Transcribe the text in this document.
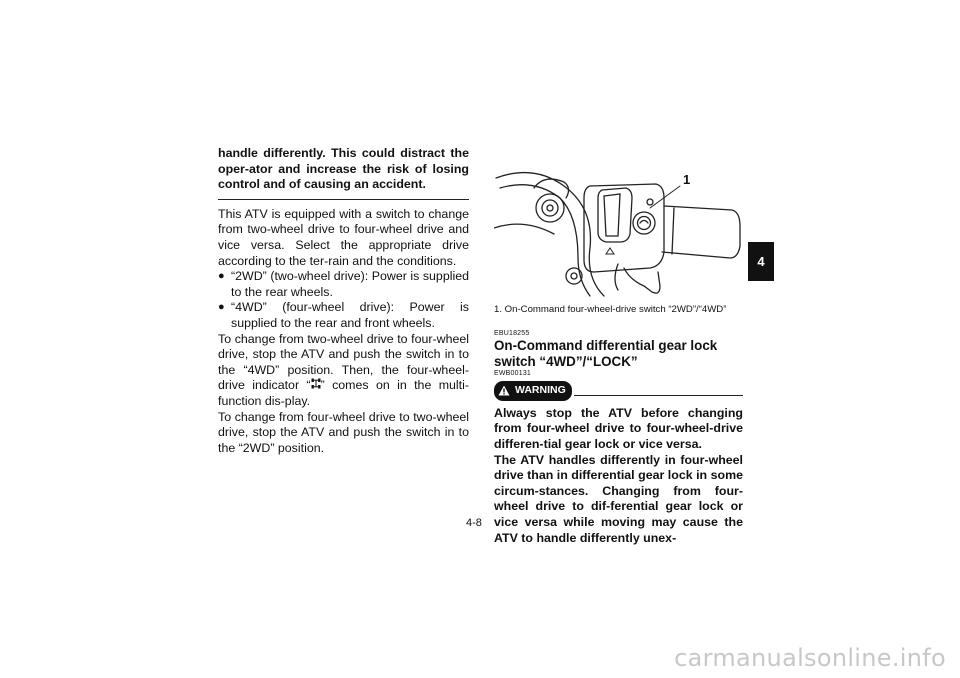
handle differently. This could distract the oper-ator and increase the risk of losing control and of causing an accident.
This ATV is equipped with a switch to change from two-wheel drive to four-wheel drive and vice versa. Select the appropriate drive according to the ter-rain and the conditions.
● “2WD” (two-wheel drive): Power is supplied to the rear wheels.
● “4WD” (four-wheel drive): Power is supplied to the rear and front wheels.
To change from two-wheel drive to four-wheel drive, stop the ATV and push the switch in to the “4WD” position. Then, the four-wheel-drive indicator “ ” comes on in the multi-function dis-play.
To change from four-wheel drive to two-wheel drive, stop the ATV and push the switch in to the “2WD” position.
1
1. On-Command four-wheel-drive switch “2WD”/“4WD”
EBU18255
On-Command differential gear lock switch “4WD”/“LOCK”
EWB00131
WARNING
Always stop the ATV before changing from four-wheel drive to four-wheel-drive differen-tial gear lock or vice versa.
The ATV handles differently in four-wheel drive than in differential gear lock in some circum-stances. Changing from four-wheel drive to dif-ferential gear lock or vice versa while moving may cause the ATV to handle differently unex-
4
4-8
carmanualsonline.info
